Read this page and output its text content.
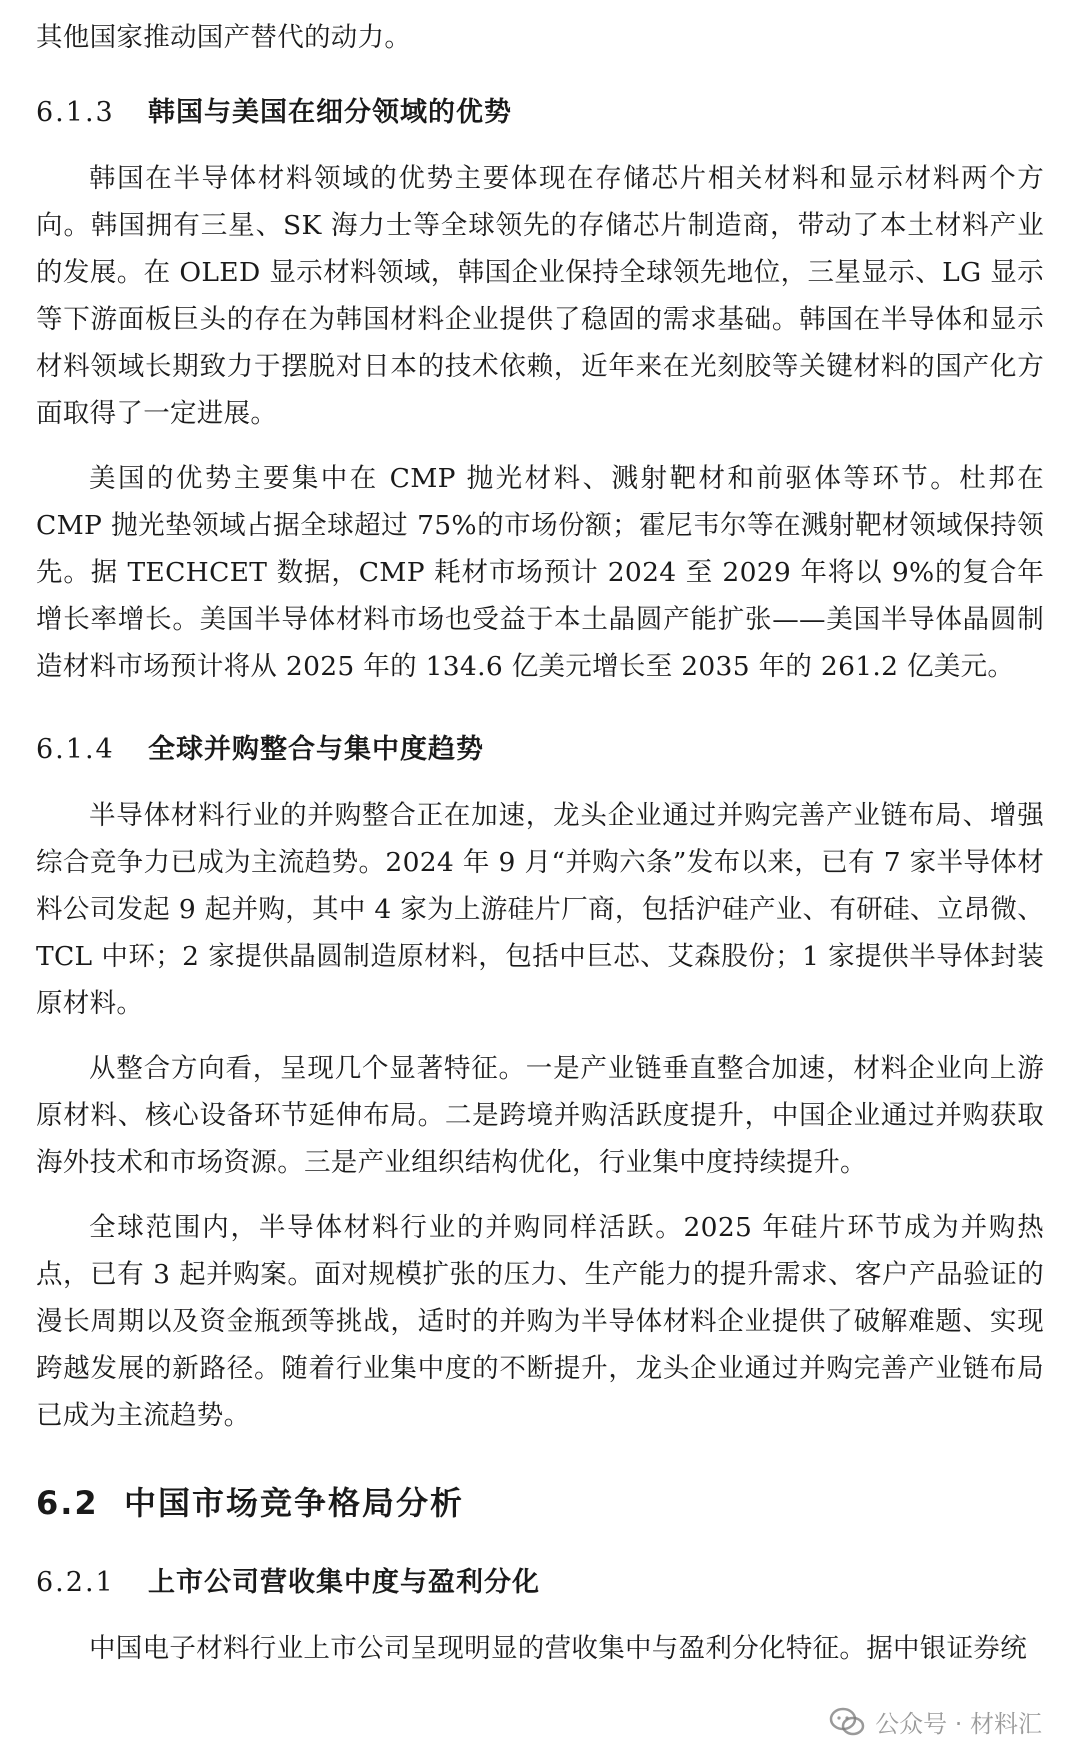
其他国家推动国产替代的动力。

6.1.3 韩国与美国在细分领域的优势

韩国在半导体材料领域的优势主要体现在存储芯片相关材料和显示材料两个方向。韩国拥有三星、SK 海力士等全球领先的存储芯片制造商，带动了本土材料产业的发展。在 OLED 显示材料领域，韩国企业保持全球领先地位，三星显示、LG 显示等下游面板巨头的存在为韩国材料企业提供了稳固的需求基础。韩国在半导体和显示材料领域长期致力于摆脱对日本的技术依赖，近年来在光刻胶等关键材料的国产化方面取得了一定进展。

美国的优势主要集中在 CMP 抛光材料、溅射靶材和前驱体等环节。杜邦在 CMP 抛光垫领域占据全球超过 75%的市场份额；霍尼韦尔等在溅射靶材领域保持领先。据 TECHCET 数据，CMP 耗材市场预计 2024 至 2029 年将以 9%的复合年增长率增长。美国半导体材料市场也受益于本土晶圆产能扩张——美国半导体晶圆制造材料市场预计将从 2025 年的 134.6 亿美元增长至 2035 年的 261.2 亿美元。

6.1.4 全球并购整合与集中度趋势

半导体材料行业的并购整合正在加速，龙头企业通过并购完善产业链布局、增强综合竞争力已成为主流趋势。2024 年 9 月“并购六条”发布以来，已有 7 家半导体材料公司发起 9 起并购，其中 4 家为上游硅片厂商，包括沪硅产业、有研硅、立昂微、TCL 中环；2 家提供晶圆制造原材料，包括中巨芯、艾森股份；1 家提供半导体封装原材料。

从整合方向看，呈现几个显著特征。一是产业链垂直整合加速，材料企业向上游原材料、核心设备环节延伸布局。二是跨境并购活跃度提升，中国企业通过并购获取海外技术和市场资源。三是产业组织结构优化，行业集中度持续提升。

全球范围内，半导体材料行业的并购同样活跃。2025 年硅片环节成为并购热点，已有 3 起并购案。面对规模扩张的压力、生产能力的提升需求、客户产品验证的漫长周期以及资金瓶颈等挑战，适时的并购为半导体材料企业提供了破解难题、实现跨越发展的新路径。随着行业集中度的不断提升，龙头企业通过并购完善产业链布局已成为主流趋势。

6.2 中国市场竞争格局分析
6.2.1 上市公司营收集中度与盈利分化

中国电子材料行业上市公司呈现明显的营收集中与盈利分化特征。据中银证券统

公众号 · 材料汇
